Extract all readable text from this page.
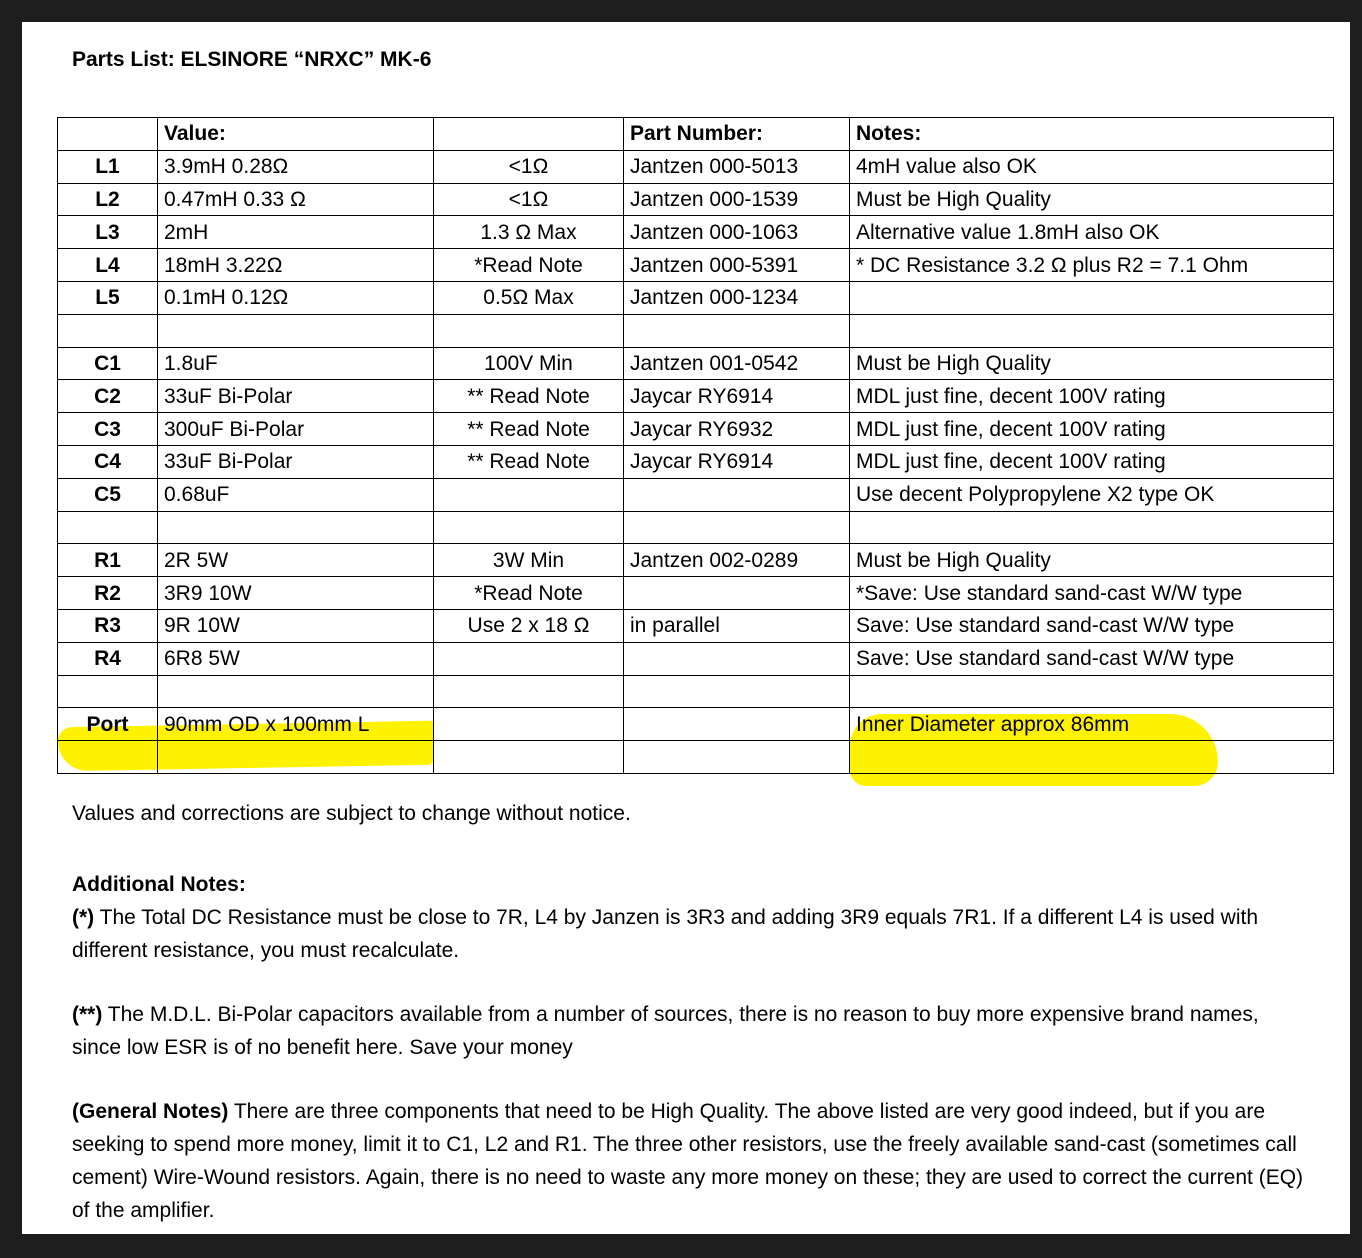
Parts List: ELSINORE “NRXC” MK-6
	Value:		Part Number:	Notes:
L1	3.9mH 0.28Ω	<1Ω	Jantzen 000-5013	4mH value also OK
L2	0.47mH 0.33 Ω	<1Ω	Jantzen 000-1539	Must be High Quality
L3	2mH	1.3 Ω Max	Jantzen 000-1063	Alternative value 1.8mH also OK
L4	18mH 3.22Ω	*Read Note	Jantzen 000-5391	* DC Resistance 3.2 Ω plus R2 = 7.1 Ohm
L5	0.1mH 0.12Ω	0.5Ω Max	Jantzen 000-1234	

C1	1.8uF	100V Min	Jantzen 001-0542	Must be High Quality
C2	33uF Bi-Polar	** Read Note	Jaycar RY6914	MDL just fine, decent 100V rating
C3	300uF Bi-Polar	** Read Note	Jaycar RY6932	MDL just fine, decent 100V rating
C4	33uF Bi-Polar	** Read Note	Jaycar RY6914	MDL just fine, decent 100V rating
C5	0.68uF			Use decent Polypropylene X2 type OK

R1	2R 5W	3W Min	Jantzen 002-0289	Must be High Quality
R2	3R9 10W	*Read Note		*Save: Use standard sand-cast W/W type
R3	9R 10W	Use 2 x 18 Ω	in parallel	Save: Use standard sand-cast W/W type
R4	6R8 5W			Save: Use standard sand-cast W/W type

Port	90mm OD x 100mm L			Inner Diameter approx 86mm

Values and corrections are subject to change without notice.
Additional Notes:

(*) The Total DC Resistance must be close to 7R, L4 by Janzen is 3R3 and adding 3R9 equals 7R1. If a different L4 is used with different resistance, you must recalculate.

(**) The M.D.L. Bi-Polar capacitors available from a number of sources, there is no reason to buy more expensive brand names, since low ESR is of no benefit here. Save your money

(General Notes) There are three components that need to be High Quality. The above listed are very good indeed, but if you are seeking to spend more money, limit it to C1, L2 and R1. The three other resistors, use the freely available sand-cast (sometimes call cement) Wire-Wound resistors. Again, there is no need to waste any more money on these; they are used to correct the current (EQ) of the amplifier.
